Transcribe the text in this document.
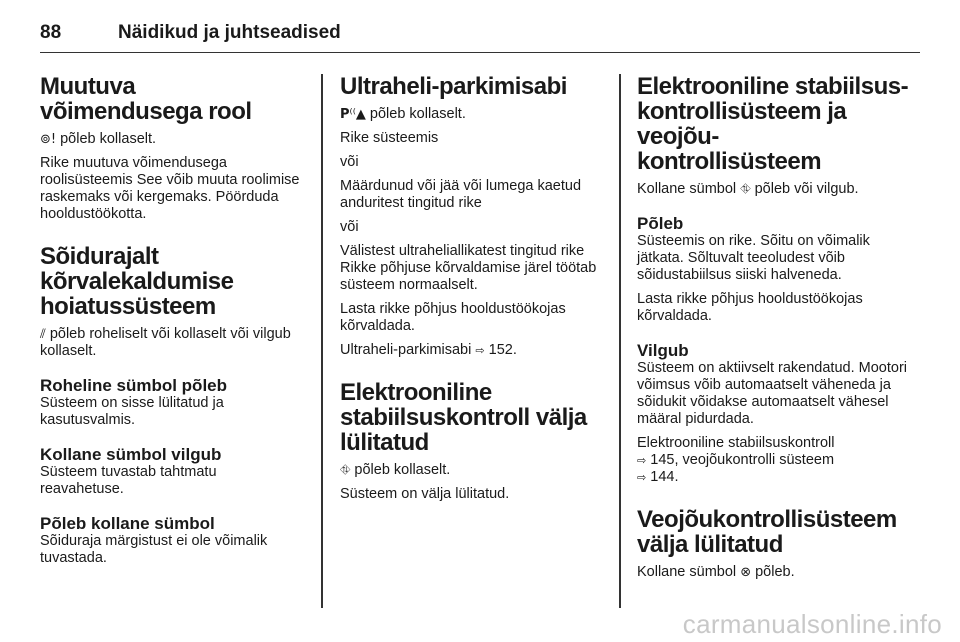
88	Näidikud ja juhtseadised
Muutuva võimendusega rool

⊚! põleb kollaselt.

Rike muutuva võimendusega roolisüsteemis See võib muuta roolimise raskemaks või kergemaks. Pöörduda hooldustöökotta.

Sõidurajalt kõrvalekaldumise hoiatussüsteem

⫽ põleb roheliselt või kollaselt või vilgub kollaselt.

Roheline sümbol põleb

Süsteem on sisse lülitatud ja kasutusvalmis.

Kollane sümbol vilgub

Süsteem tuvastab tahtmatu reavahetuse.

Põleb kollane sümbol

Sõiduraja märgistust ei ole võimalik tuvastada.

Ultraheli-parkimisabi

P⁽⁽▲ põleb kollaselt.

Rike süsteemis

või

Määrdunud või jää või lumega kaetud anduritest tingitud rike

või

Välistest ultraheliallikatest tingitud rike Rikke põhjuse kõrvaldamise järel töötab süsteem normaalselt.

Lasta rikke põhjus hooldustöökojas kõrvaldada.

Ultraheli-parkimisabi ⇨ 152.

Elektrooniline stabiilsuskontroll välja lülitatud

⛗ põleb kollaselt.

Süsteem on välja lülitatud.

Elektrooniline stabiilsus- kontrollisüsteem ja veojõu- kontrollisüsteem

Kollane sümbol ⛗ põleb või vilgub.

Põleb

Süsteemis on rike. Sõitu on võimalik jätkata. Sõltuvalt teeoludest võib sõidustabiilsus siiski halveneda.

Lasta rikke põhjus hooldustöökojas kõrvaldada.

Vilgub

Süsteem on aktiivselt rakendatud. Mootori võimsus võib automaatselt väheneda ja sõidukit võidakse automaatselt vähesel määral pidurdada.

Elektrooniline stabiilsuskontroll
⇨ 145, veojõukontrolli süsteem
⇨ 144.

Veojõukontrollisüsteem välja lülitatud

Kollane sümbol ⊗ põleb.

carmanualsonline.info
